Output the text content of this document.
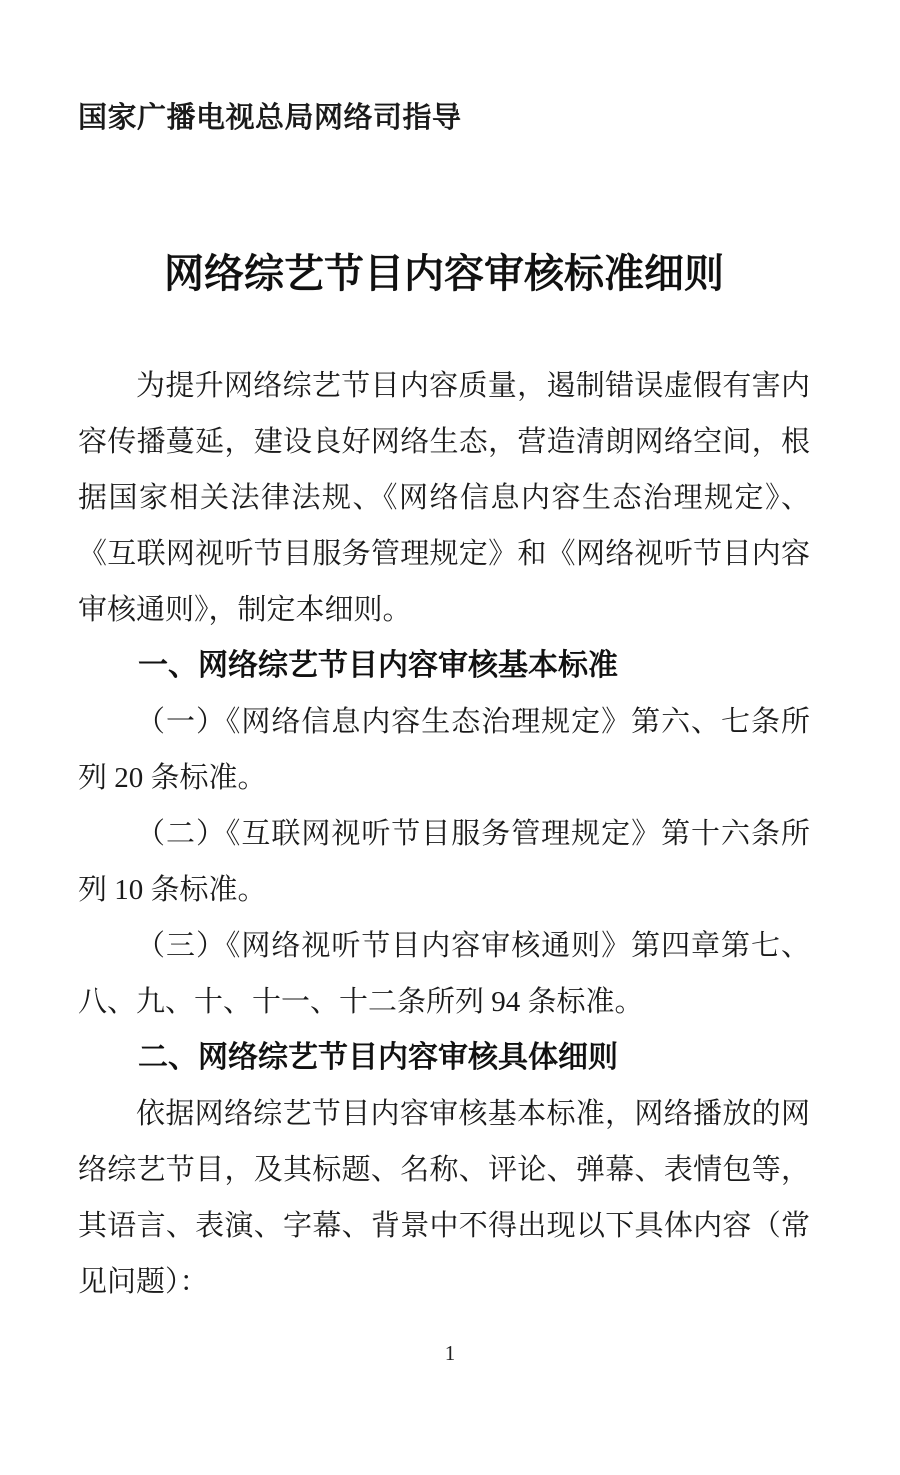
国家广播电视总局网络司指导
网络综艺节目内容审核标准细则

为提升网络综艺节目内容质量，遏制错误虚假有害内容传播蔓延，建设良好网络生态，营造清朗网络空间，根据国家相关法律法规、《网络信息内容生态治理规定》、《互联网视听节目服务管理规定》和《网络视听节目内容审核通则》，制定本细则。

一、网络综艺节目内容审核基本标准

（一）《网络信息内容生态治理规定》第六、七条所列 20 条标准。

（二）《互联网视听节目服务管理规定》第十六条所列 10 条标准。

（三）《网络视听节目内容审核通则》第四章第七、八、九、十、十一、十二条所列 94 条标准。

二、网络综艺节目内容审核具体细则

依据网络综艺节目内容审核基本标准，网络播放的网络综艺节目，及其标题、名称、评论、弹幕、表情包等，其语言、表演、字幕、背景中不得出现以下具体内容（常见问题）：

1
